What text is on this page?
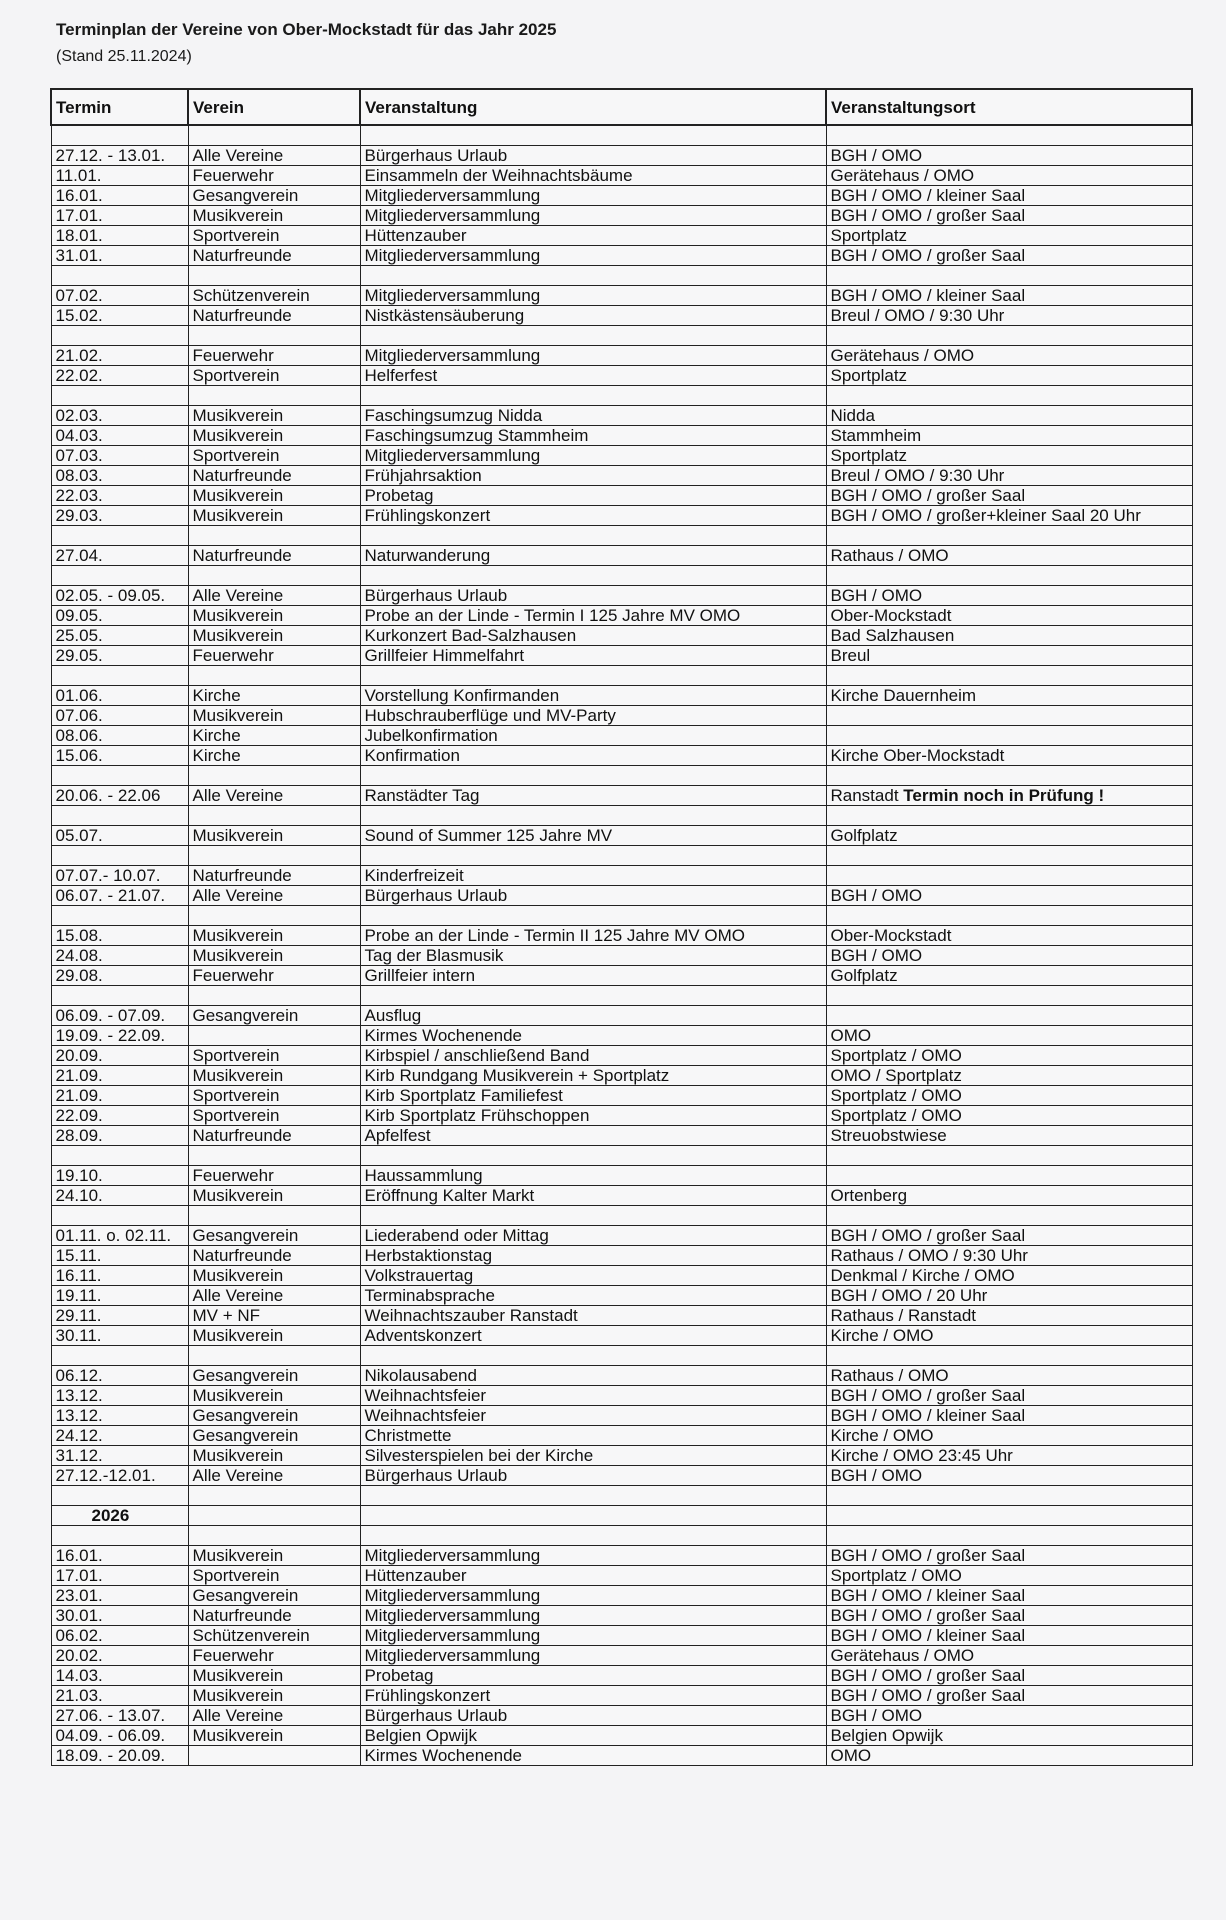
Terminplan der Vereine von Ober-Mockstadt für das Jahr 2025
(Stand 25.11.2024)
Termin	Verein	Veranstaltung	Veranstaltungsort

27.12. - 13.01.	Alle Vereine	Bürgerhaus Urlaub	BGH / OMO
11.01.	Feuerwehr	Einsammeln der Weihnachtsbäume	Gerätehaus / OMO
16.01.	Gesangverein	Mitgliederversammlung	BGH / OMO / kleiner Saal
17.01.	Musikverein	Mitgliederversammlung	BGH / OMO / großer Saal
18.01.	Sportverein	Hüttenzauber	Sportplatz
31.01.	Naturfreunde	Mitgliederversammlung	BGH / OMO / großer Saal

07.02.	Schützenverein	Mitgliederversammlung	BGH / OMO / kleiner Saal
15.02.	Naturfreunde	Nistkästensäuberung	Breul / OMO / 9:30 Uhr

21.02.	Feuerwehr	Mitgliederversammlung	Gerätehaus / OMO
22.02.	Sportverein	Helferfest	Sportplatz

02.03.	Musikverein	Faschingsumzug Nidda	Nidda
04.03.	Musikverein	Faschingsumzug Stammheim	Stammheim
07.03.	Sportverein	Mitgliederversammlung	Sportplatz
08.03.	Naturfreunde	Frühjahrsaktion	Breul / OMO / 9:30 Uhr
22.03.	Musikverein	Probetag	BGH / OMO / großer Saal
29.03.	Musikverein	Frühlingskonzert	BGH / OMO / großer+kleiner Saal 20 Uhr

27.04.	Naturfreunde	Naturwanderung	Rathaus / OMO

02.05. - 09.05.	Alle Vereine	Bürgerhaus Urlaub	BGH / OMO
09.05.	Musikverein	Probe an der Linde - Termin I 125 Jahre MV OMO	Ober-Mockstadt
25.05.	Musikverein	Kurkonzert Bad-Salzhausen	Bad Salzhausen
29.05.	Feuerwehr	Grillfeier Himmelfahrt	Breul

01.06.	Kirche	Vorstellung Konfirmanden	Kirche Dauernheim
07.06.	Musikverein	Hubschrauberflüge und MV-Party	
08.06.	Kirche	Jubelkonfirmation	
15.06.	Kirche	Konfirmation	Kirche Ober-Mockstadt

20.06. - 22.06	Alle Vereine	Ranstädter Tag	Ranstadt Termin noch in Prüfung !

05.07.	Musikverein	Sound of Summer 125 Jahre MV	Golfplatz

07.07.- 10.07.	Naturfreunde	Kinderfreizeit	
06.07. - 21.07.	Alle Vereine	Bürgerhaus Urlaub	BGH / OMO

15.08.	Musikverein	Probe an der Linde - Termin II 125 Jahre MV OMO	Ober-Mockstadt
24.08.	Musikverein	Tag der Blasmusik	BGH / OMO
29.08.	Feuerwehr	Grillfeier intern	Golfplatz

06.09. - 07.09.	Gesangverein	Ausflug	
19.09. - 22.09.		Kirmes Wochenende	OMO
20.09.	Sportverein	Kirbspiel / anschließend Band	Sportplatz / OMO
21.09.	Musikverein	Kirb Rundgang Musikverein + Sportplatz	OMO / Sportplatz
21.09.	Sportverein	Kirb Sportplatz Familiefest	Sportplatz / OMO
22.09.	Sportverein	Kirb Sportplatz Frühschoppen	Sportplatz / OMO
28.09.	Naturfreunde	Apfelfest	Streuobstwiese

19.10.	Feuerwehr	Haussammlung	
24.10.	Musikverein	Eröffnung Kalter Markt	Ortenberg

01.11. o. 02.11.	Gesangverein	Liederabend oder Mittag	BGH / OMO / großer Saal
15.11.	Naturfreunde	Herbstaktionstag	Rathaus / OMO / 9:30 Uhr
16.11.	Musikverein	Volkstrauertag	Denkmal / Kirche / OMO
19.11.	Alle Vereine	Terminabsprache	BGH / OMO / 20 Uhr
29.11.	MV + NF	Weihnachtszauber Ranstadt	Rathaus / Ranstadt
30.11.	Musikverein	Adventskonzert	Kirche / OMO

06.12.	Gesangverein	Nikolausabend	Rathaus / OMO
13.12.	Musikverein	Weihnachtsfeier	BGH / OMO / großer Saal
13.12.	Gesangverein	Weihnachtsfeier	BGH / OMO / kleiner Saal
24.12.	Gesangverein	Christmette	Kirche / OMO
31.12.	Musikverein	Silvesterspielen bei der Kirche	Kirche / OMO 23:45 Uhr
27.12.-12.01.	Alle Vereine	Bürgerhaus Urlaub	BGH / OMO

2026			

16.01.	Musikverein	Mitgliederversammlung	BGH / OMO / großer Saal
17.01.	Sportverein	Hüttenzauber	Sportplatz / OMO
23.01.	Gesangverein	Mitgliederversammlung	BGH / OMO / kleiner Saal
30.01.	Naturfreunde	Mitgliederversammlung	BGH / OMO / großer Saal
06.02.	Schützenverein	Mitgliederversammlung	BGH / OMO / kleiner Saal
20.02.	Feuerwehr	Mitgliederversammlung	Gerätehaus / OMO
14.03.	Musikverein	Probetag	BGH / OMO / großer Saal
21.03.	Musikverein	Frühlingskonzert	BGH / OMO / großer Saal
27.06. - 13.07.	Alle Vereine	Bürgerhaus Urlaub	BGH / OMO
04.09. - 06.09.	Musikverein	Belgien Opwijk	Belgien Opwijk
18.09. - 20.09.		Kirmes Wochenende	OMO
